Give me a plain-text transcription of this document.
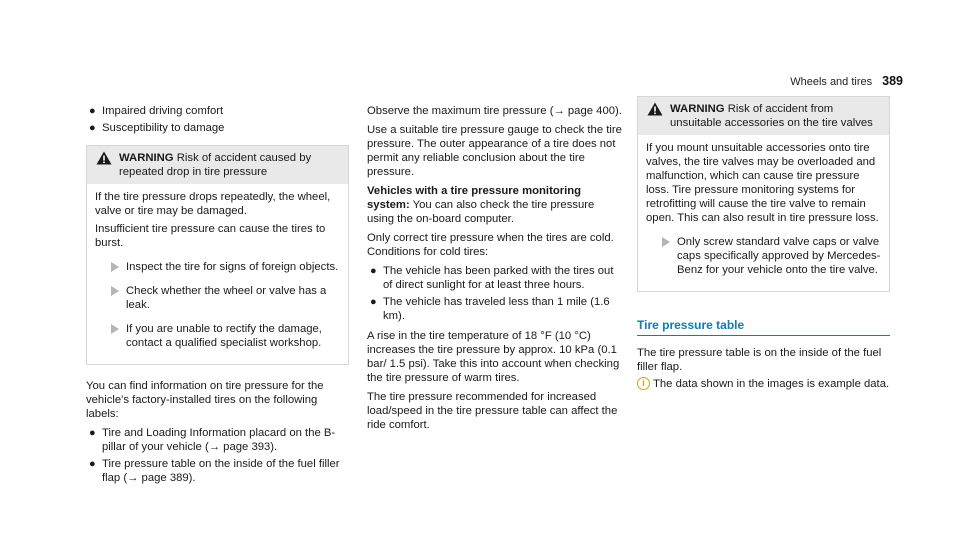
Wheels and tires 389
● Impaired driving comfort
● Susceptibility to damage
WARNING Risk of accident caused by repeated drop in tire pressure

If the tire pressure drops repeatedly, the wheel, valve or tire may be damaged.

Insufficient tire pressure can cause the tires to burst.

Inspect the tire for signs of foreign objects.
Check whether the wheel or valve has a leak.
If you are unable to rectify the damage, contact a qualified specialist workshop.

You can find information on tire pressure for the vehicle's factory-installed tires on the following labels:

● Tire and Loading Information placard on the B-pillar of your vehicle (→ page 393).
● Tire pressure table on the inside of the fuel filler flap (→ page 389).

Observe the maximum tire pressure (→ page 400).

Use a suitable tire pressure gauge to check the tire pressure. The outer appearance of a tire does not permit any reliable conclusion about the tire pressure.

Vehicles with a tire pressure monitoring system: You can also check the tire pressure using the on-board computer.

Only correct tire pressure when the tires are cold. Conditions for cold tires:

● The vehicle has been parked with the tires out of direct sunlight for at least three hours.
● The vehicle has traveled less than 1 mile (1.6 km).

A rise in the tire temperature of 18 °F (10 °C) increases the tire pressure by approx. 10 kPa (0.1 bar/ 1.5 psi). Take this into account when checking the tire pressure of warm tires.

The tire pressure recommended for increased load/speed in the tire pressure table can affect the ride comfort.

WARNING Risk of accident from unsuitable accessories on the tire valves

If you mount unsuitable accessories onto tire valves, the tire valves may be overloaded and malfunction, which can cause tire pressure loss. Tire pressure monitoring systems for retrofitting will cause the tire valve to remain open. This can also result in tire pressure loss.

Only screw standard valve caps or valve caps specifically approved by Mercedes-Benz for your vehicle onto the tire valve.
Tire pressure table

The tire pressure table is on the inside of the fuel filler flap.

i The data shown in the images is example data.
